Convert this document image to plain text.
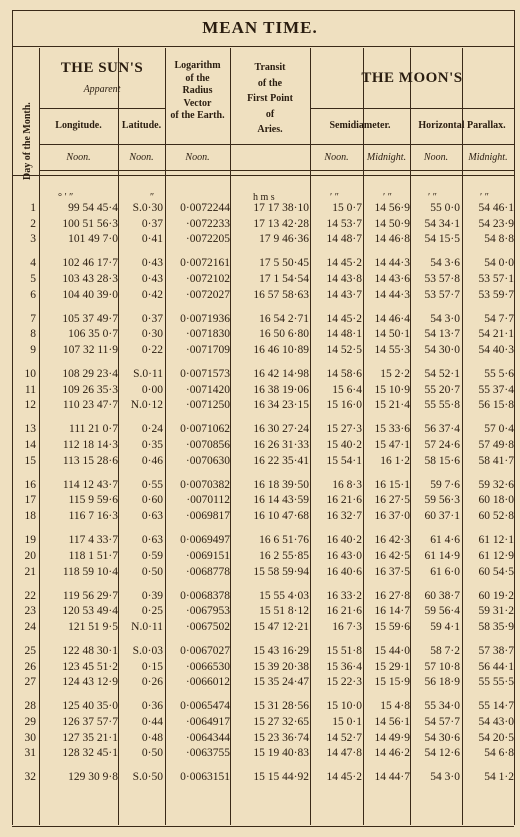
MEAN TIME.
Day of the Month.
THE SUN'S
Apparent
Longitude.	Latitude.
Logarithm
of the
Radius
Vector
of the Earth.
Transit
of the
First Point
of
Aries.
THE MOON'S
Semidiameter.	Horizontal Parallax.
Noon.	Noon.	Noon.	Noon.	Midnight.	Noon.	Midnight.
° ′ ″	″	h m s	′ ″	′ ″	′ ″	′ ″
1	99 54 45·4	S.0·30	0·0072244	17 17 38·10	15 0·7	14 56·9	55 0·0	54 46·1
2	100 51 56·3	0·37	·0072233	17 13 42·28	14 53·7	14 50·9	54 34·1	54 23·9
3	101 49 7·0	0·41	·0072205	17 9 46·36	14 48·7	14 46·8	54 15·5	54 8·8
4	102 46 17·7	0·43	0·0072161	17 5 50·45	14 45·2	14 44·3	54 3·6	54 0·0
5	103 43 28·3	0·43	·0072102	17 1 54·54	14 43·8	14 43·6	53 57·8	53 57·1
6	104 40 39·0	0·42	·0072027	16 57 58·63	14 43·7	14 44·3	53 57·7	53 59·7
7	105 37 49·7	0·37	0·0071936	16 54 2·71	14 45·2	14 46·4	54 3·0	54 7·7
8	106 35 0·7	0·30	·0071830	16 50 6·80	14 48·1	14 50·1	54 13·7	54 21·1
9	107 32 11·9	0·22	·0071709	16 46 10·89	14 52·5	14 55·3	54 30·0	54 40·3
10	108 29 23·4	S.0·11	0·0071573	16 42 14·98	14 58·6	15 2·2	54 52·1	55 5·6
11	109 26 35·3	0·00	·0071420	16 38 19·06	15 6·4	15 10·9	55 20·7	55 37·4
12	110 23 47·7	N.0·12	·0071250	16 34 23·15	15 16·0	15 21·4	55 55·8	56 15·8
13	111 21 0·7	0·24	0·0071062	16 30 27·24	15 27·3	15 33·6	56 37·4	57 0·4
14	112 18 14·3	0·35	·0070856	16 26 31·33	15 40·2	15 47·1	57 24·6	57 49·8
15	113 15 28·6	0·46	·0070630	16 22 35·41	15 54·1	16 1·2	58 15·6	58 41·7
16	114 12 43·7	0·55	0·0070382	16 18 39·50	16 8·3	16 15·1	59 7·6	59 32·6
17	115 9 59·6	0·60	·0070112	16 14 43·59	16 21·6	16 27·5	59 56·3	60 18·0
18	116 7 16·3	0·63	·0069817	16 10 47·68	16 32·7	16 37·0	60 37·1	60 52·8
19	117 4 33·7	0·63	0·0069497	16 6 51·76	16 40·2	16 42·3	61 4·6	61 12·1
20	118 1 51·7	0·59	·0069151	16 2 55·85	16 43·0	16 42·5	61 14·9	61 12·9
21	118 59 10·4	0·50	·0068778	15 58 59·94	16 40·6	16 37·5	61 6·0	60 54·5
22	119 56 29·7	0·39	0·0068378	15 55 4·03	16 33·2	16 27·8	60 38·7	60 19·2
23	120 53 49·4	0·25	·0067953	15 51 8·12	16 21·6	16 14·7	59 56·4	59 31·2
24	121 51 9·5	N.0·11	·0067502	15 47 12·21	16 7·3	15 59·6	59 4·1	58 35·9
25	122 48 30·1	S.0·03	0·0067027	15 43 16·29	15 51·8	15 44·0	58 7·2	57 38·7
26	123 45 51·2	0·15	·0066530	15 39 20·38	15 36·4	15 29·1	57 10·8	56 44·1
27	124 43 12·9	0·26	·0066012	15 35 24·47	15 22·3	15 15·9	56 18·9	55 55·5
28	125 40 35·0	0·36	0·0065474	15 31 28·56	15 10·0	15 4·8	55 34·0	55 14·7
29	126 37 57·7	0·44	·0064917	15 27 32·65	15 0·1	14 56·1	54 57·7	54 43·0
30	127 35 21·1	0·48	·0064344	15 23 36·74	14 52·7	14 49·9	54 30·6	54 20·5
31	128 32 45·1	0·50	·0063755	15 19 40·83	14 47·8	14 46·2	54 12·6	54 6·8
32	129 30 9·8	S.0·50	0·0063151	15 15 44·92	14 45·2	14 44·7	54 3·0	54 1·2
